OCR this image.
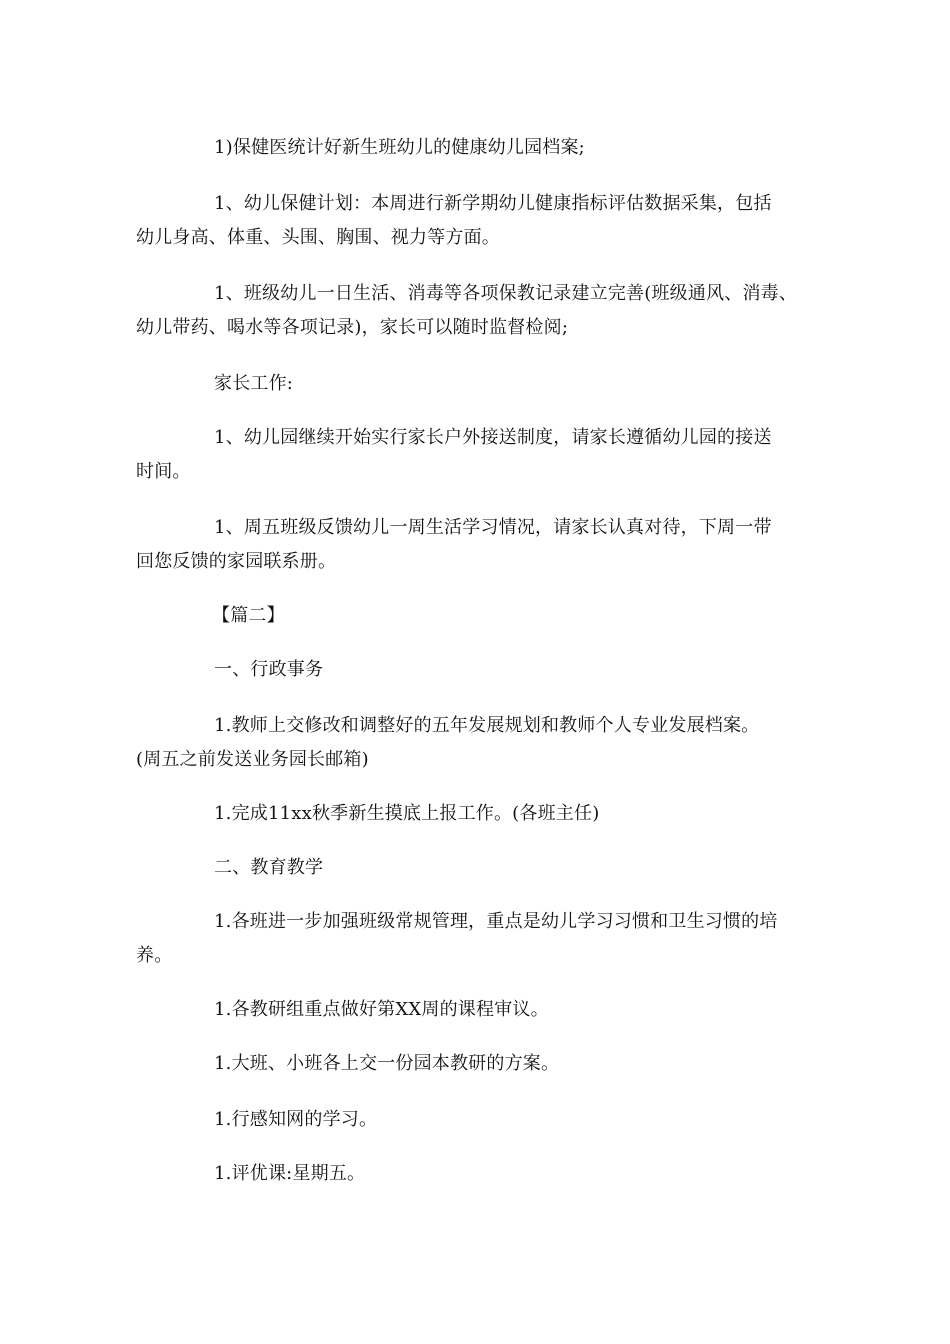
1)保健医统计好新生班幼儿的健康幼儿园档案;
1、幼儿保健计划：本周进行新学期幼儿健康指标评估数据采集，包括
幼儿身高、体重、头围、胸围、视力等方面。
1、班级幼儿一日生活、消毒等各项保教记录建立完善(班级通风、消毒、
幼儿带药、喝水等各项记录)，家长可以随时监督检阅;
家长工作:
1、幼儿园继续开始实行家长户外接送制度，请家长遵循幼儿园的接送
时间。
1、周五班级反馈幼儿一周生活学习情况，请家长认真对待，下周一带
回您反馈的家园联系册。
【篇二】
一、行政事务
1.教师上交修改和调整好的五年发展规划和教师个人专业发展档案。
(周五之前发送业务园长邮箱)
1.完成11xx秋季新生摸底上报工作。(各班主任)
二、教育教学
1.各班进一步加强班级常规管理，重点是幼儿学习习惯和卫生习惯的培
养。
1.各教研组重点做好第XX周的课程审议。
1.大班、小班各上交一份园本教研的方案。
1.行感知网的学习。
1.评优课:星期五。
